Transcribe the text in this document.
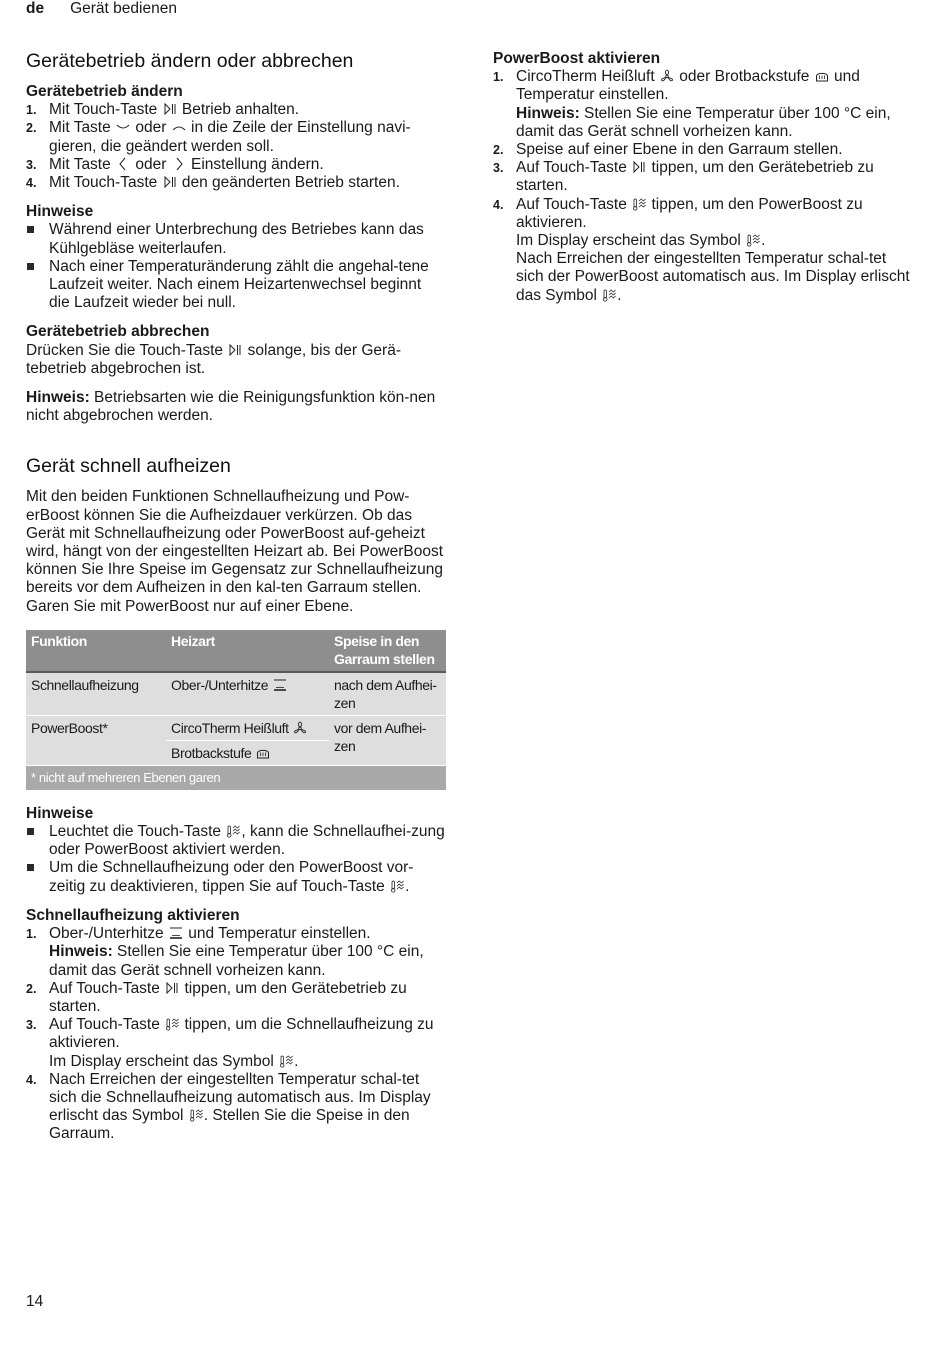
de Gerät bedienen
Gerätebetrieb ändern oder abbrechen
Gerätebetrieb ändern
1. Mit Touch-Taste
Betrieb anhalten.
2. Mit Taste
oder
in die Zeile der Einstellung navi-gieren, die geändert werden soll.
3. Mit Taste
oder
Einstellung ändern.
4. Mit Touch-Taste
den geänderten Betrieb starten.
Hinweise
Während einer Unterbrechung des Betriebes kann das Kühlgebläse weiterlaufen.
Nach einer Temperaturänderung zählt die angehal-tene Laufzeit weiter. Nach einem Heizartenwechsel beginnt die Laufzeit wieder bei null.
Gerätebetrieb abbrechen

Drücken Sie die Touch-Taste
solange, bis der Gerä-tebetrieb abgebrochen ist.

Hinweis: Betriebsarten wie die Reinigungsfunktion kön-nen nicht abgebrochen werden.

Gerät schnell aufheizen

Mit den beiden Funktionen Schnellaufheizung und Pow-erBoost können Sie die Aufheizdauer verkürzen. Ob das Gerät mit Schnellaufheizung oder PowerBoost auf-geheizt wird, hängt von der eingestellten Heizart ab. Bei PowerBoost können Sie Ihre Speise im Gegensatz zur Schnellaufheizung bereits vor dem Aufheizen in den kal-ten Garraum stellen. Garen Sie mit PowerBoost nur auf einer Ebene.

Funktion	Heizart	Speise in den Garraum stellen
Schnellaufheizung	Ober-/Unterhitze	nach dem Aufhei-zen
PowerBoost*	CircoTherm Heißluft	vor dem Aufhei-zen
	Brotbackstufe	

* nicht auf mehreren Ebenen garen		
Hinweise
Leuchtet die Touch-Taste
, kann die Schnellaufhei-zung oder PowerBoost aktiviert werden.
Um die Schnellaufheizung oder den PowerBoost vor-zeitig zu deaktivieren, tippen Sie auf Touch-Taste
.
Schnellaufheizung aktivieren
1. Ober-/Unterhitze
und Temperatur einstellen.
Hinweis: Stellen Sie eine Temperatur über 100 °C ein, damit das Gerät schnell vorheizen kann.
2. Auf Touch-Taste
tippen, um den Gerätebetrieb zu starten.
3. Auf Touch-Taste
tippen, um die Schnellaufheizung zu aktivieren.
Im Display erscheint das Symbol
.
4. Nach Erreichen der eingestellten Temperatur schal-tet sich die Schnellaufheizung automatisch aus. Im Display erlischt das Symbol
. Stellen Sie die Speise in den Garraum.
PowerBoost aktivieren
1. CircoTherm Heißluft
oder Brotbackstufe
und Temperatur einstellen.
Hinweis: Stellen Sie eine Temperatur über 100 °C ein, damit das Gerät schnell vorheizen kann.
2. Speise auf einer Ebene in den Garraum stellen.
3. Auf Touch-Taste
tippen, um den Gerätebetrieb zu starten.
4. Auf Touch-Taste
tippen, um den PowerBoost zu aktivieren.
Im Display erscheint das Symbol
.
Nach Erreichen der eingestellten Temperatur schal-tet sich der PowerBoost automatisch aus. Im Display erlischt das Symbol
.
14
